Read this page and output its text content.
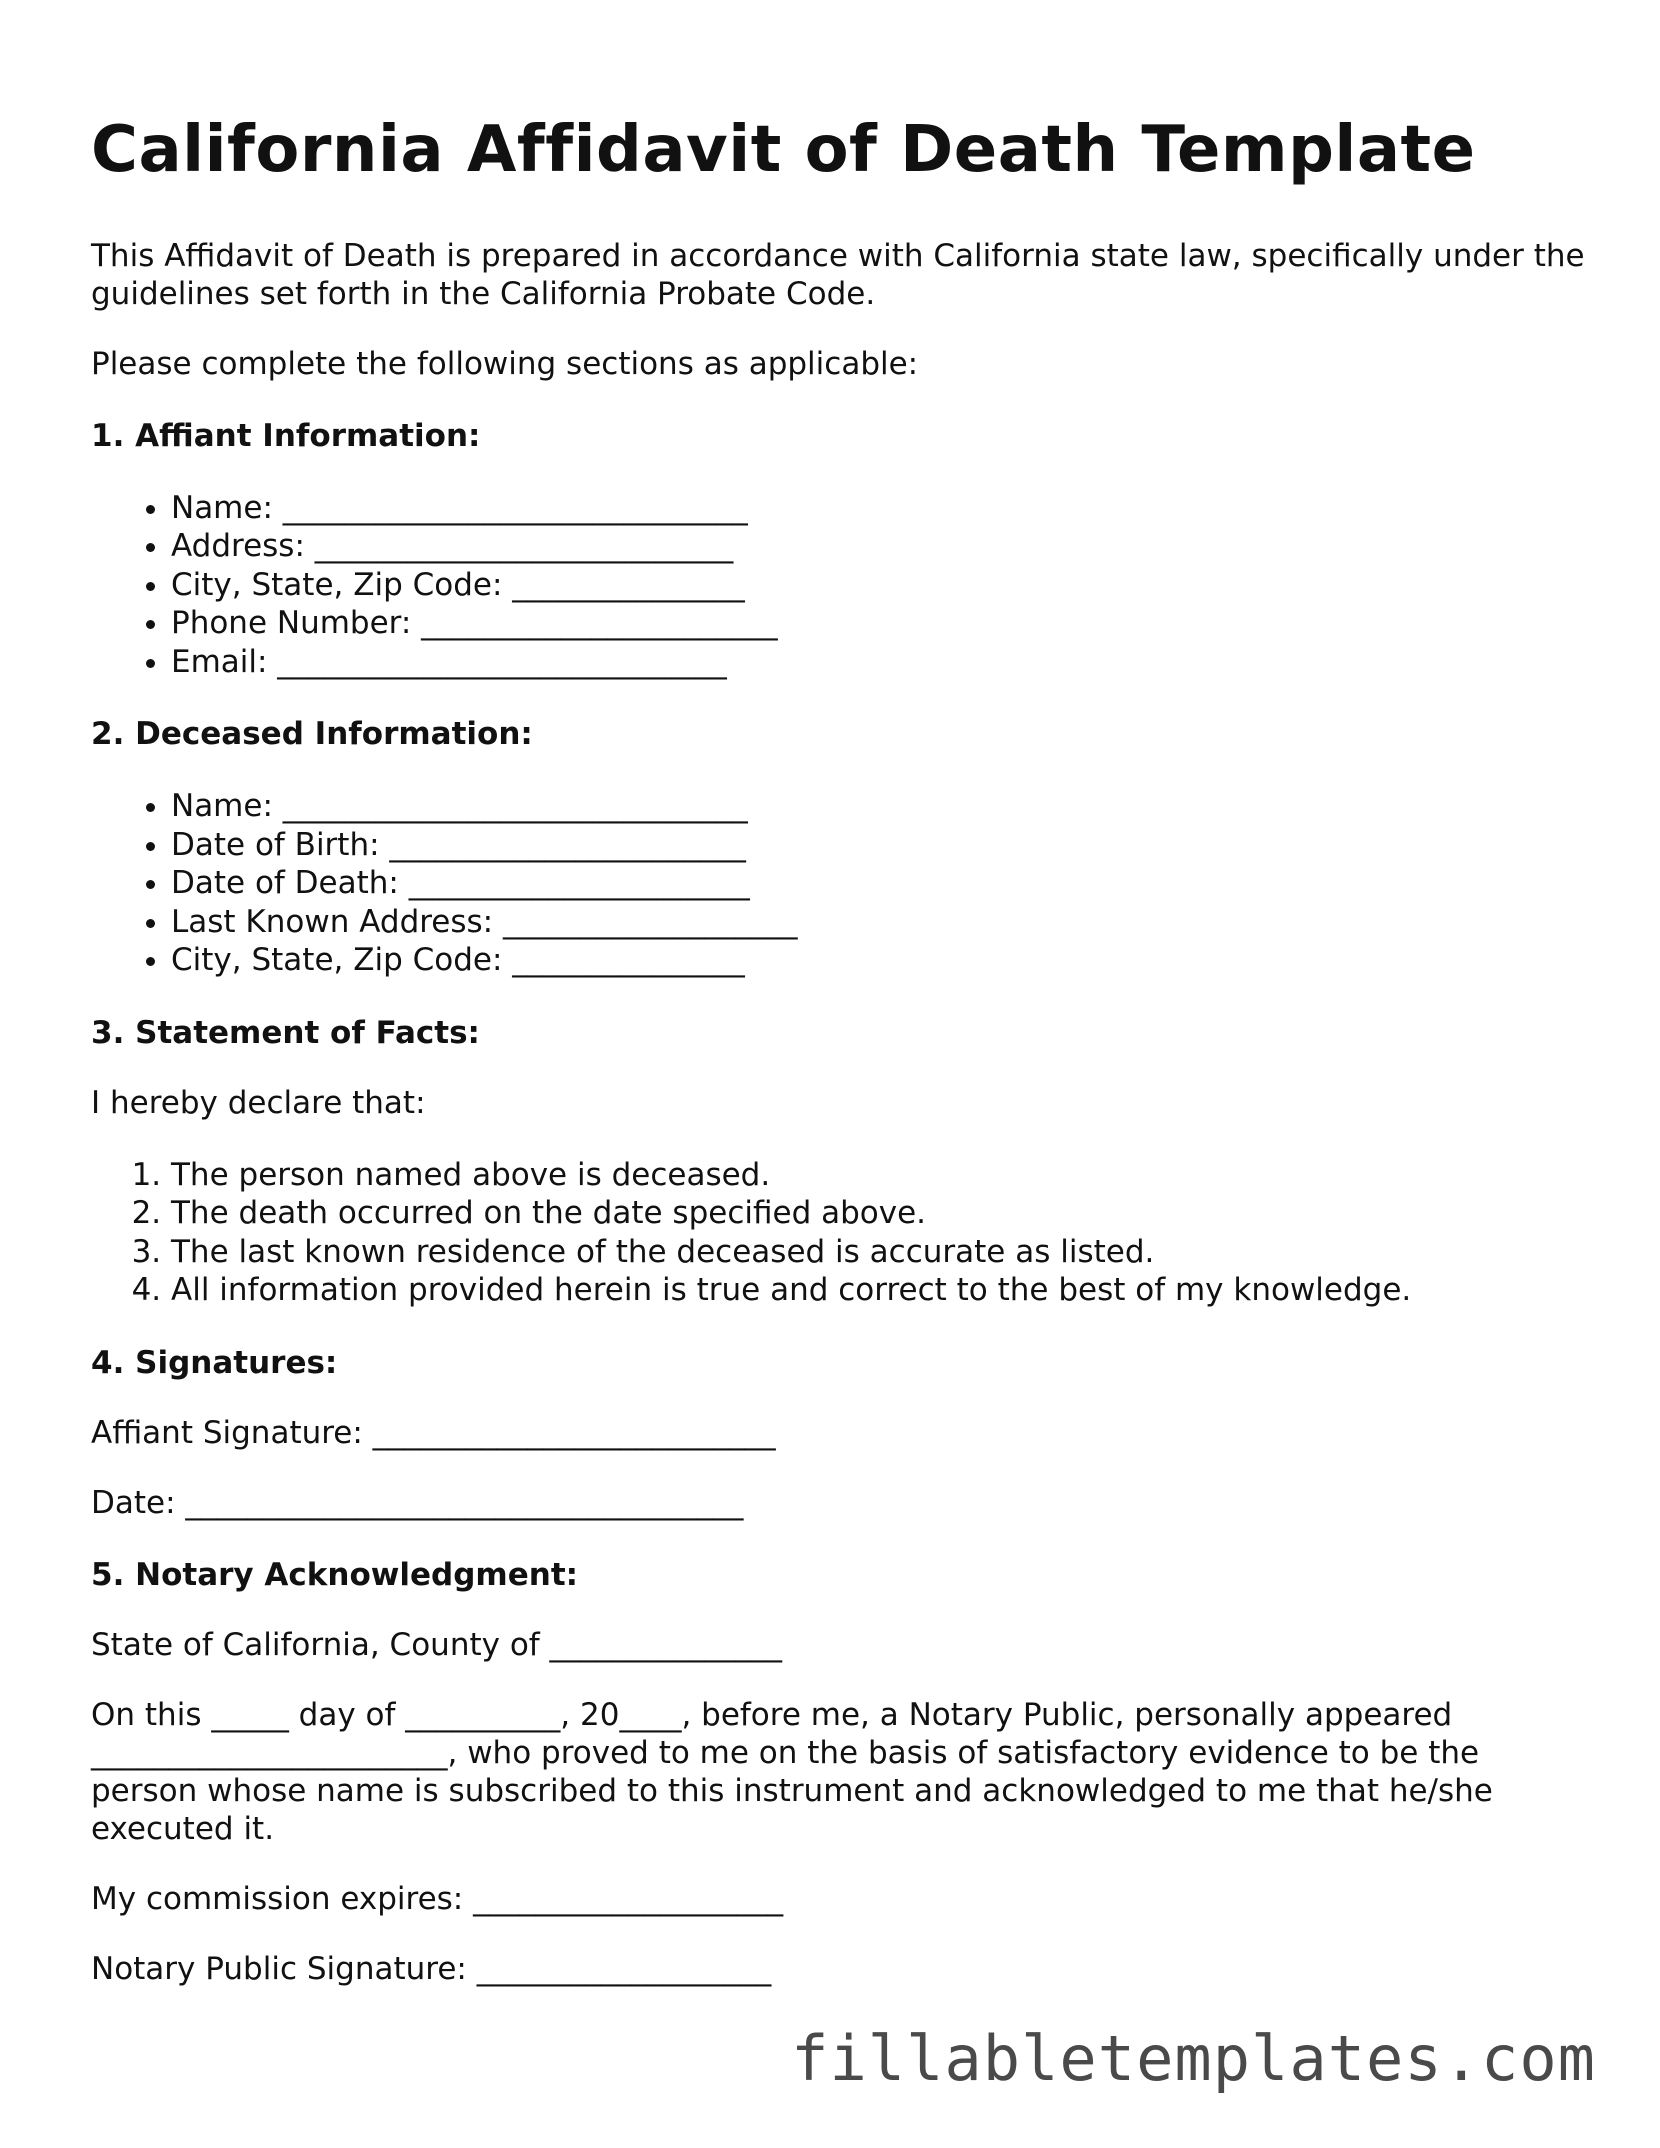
California Affidavit of Death Template

This Affidavit of Death is prepared in accordance with California state law, specifically under the guidelines set forth in the California Probate Code.

Please complete the following sections as applicable:

1. Affiant Information:

• Name: ______________________________
• Address: ___________________________
• City, State, Zip Code: _______________
• Phone Number: _______________________
• Email: _____________________________

2. Deceased Information:

• Name: ______________________________
• Date of Birth: _______________________
• Date of Death: ______________________
• Last Known Address: ___________________
• City, State, Zip Code: _______________

3. Statement of Facts:

I hereby declare that:

1. The person named above is deceased.
2. The death occurred on the date specified above.
3. The last known residence of the deceased is accurate as listed.
4. All information provided herein is true and correct to the best of my knowledge.

4. Signatures:

Affiant Signature: __________________________

Date: ____________________________________

5. Notary Acknowledgment:

State of California, County of _______________

On this _____ day of __________, 20____, before me, a Notary Public, personally appeared _______________________, who proved to me on the basis of satisfactory evidence to be the person whose name is subscribed to this instrument and acknowledged to me that he/she executed it.

My commission expires: ____________________

Notary Public Signature: ___________________

fillabletemplates.com
